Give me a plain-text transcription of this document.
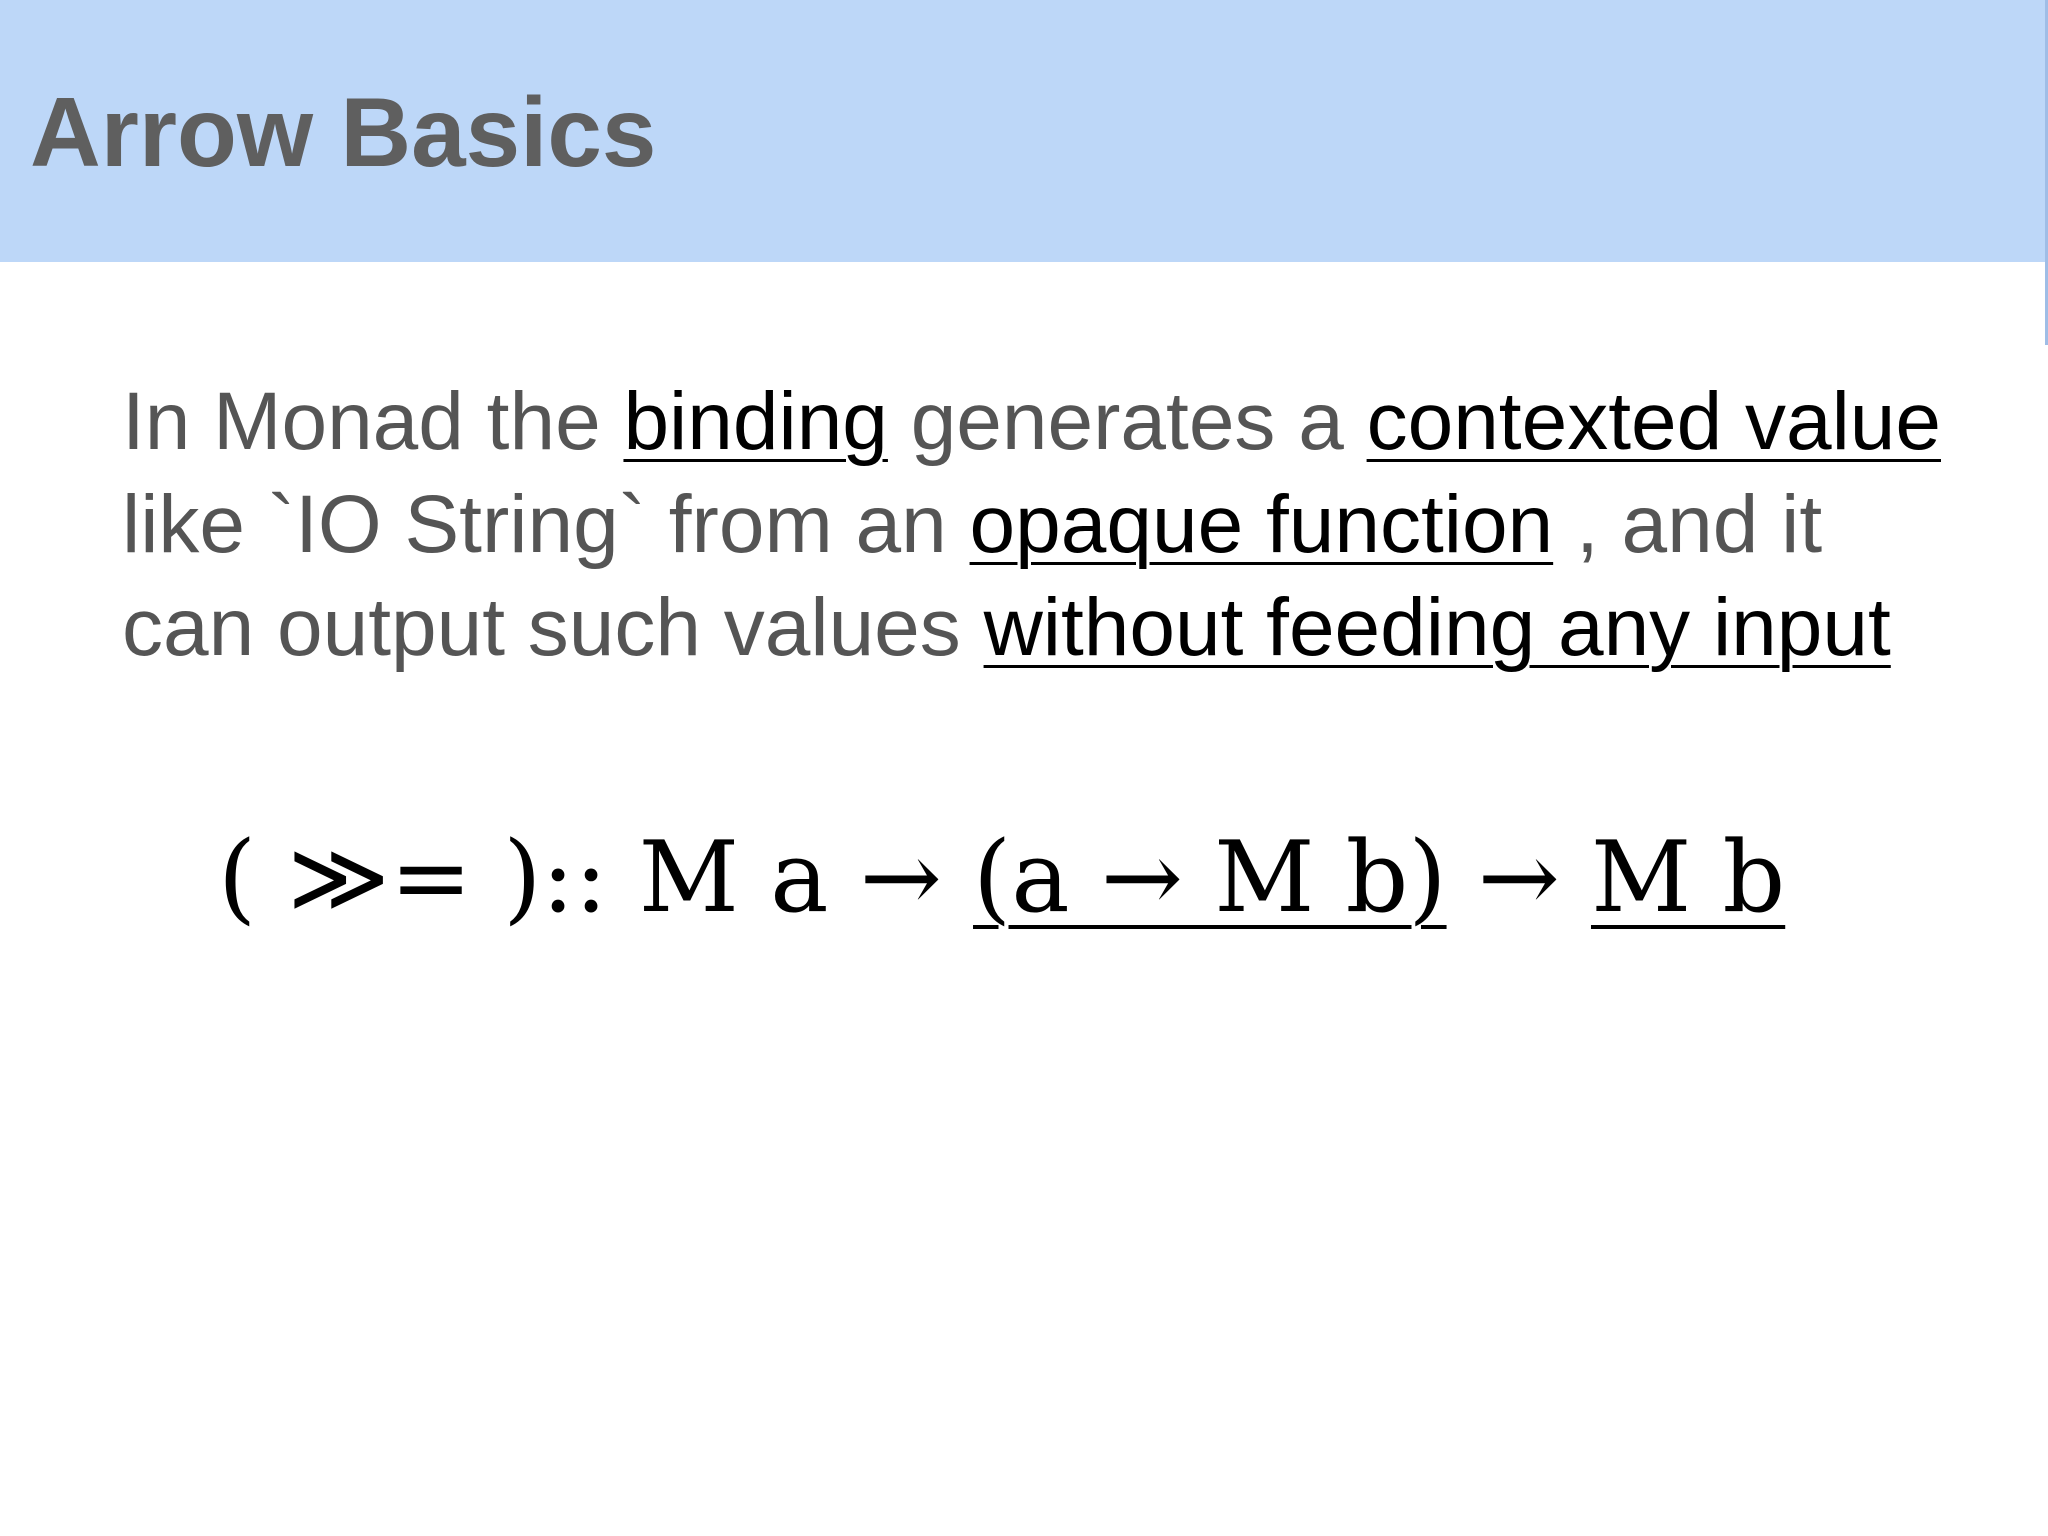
Arrow Basics
In Monad the binding generates a contexted value
like `IO String` from an opaque function , and it
can output such values without feeding any input
( ≫= ):: M a → (a → M b) → M b
